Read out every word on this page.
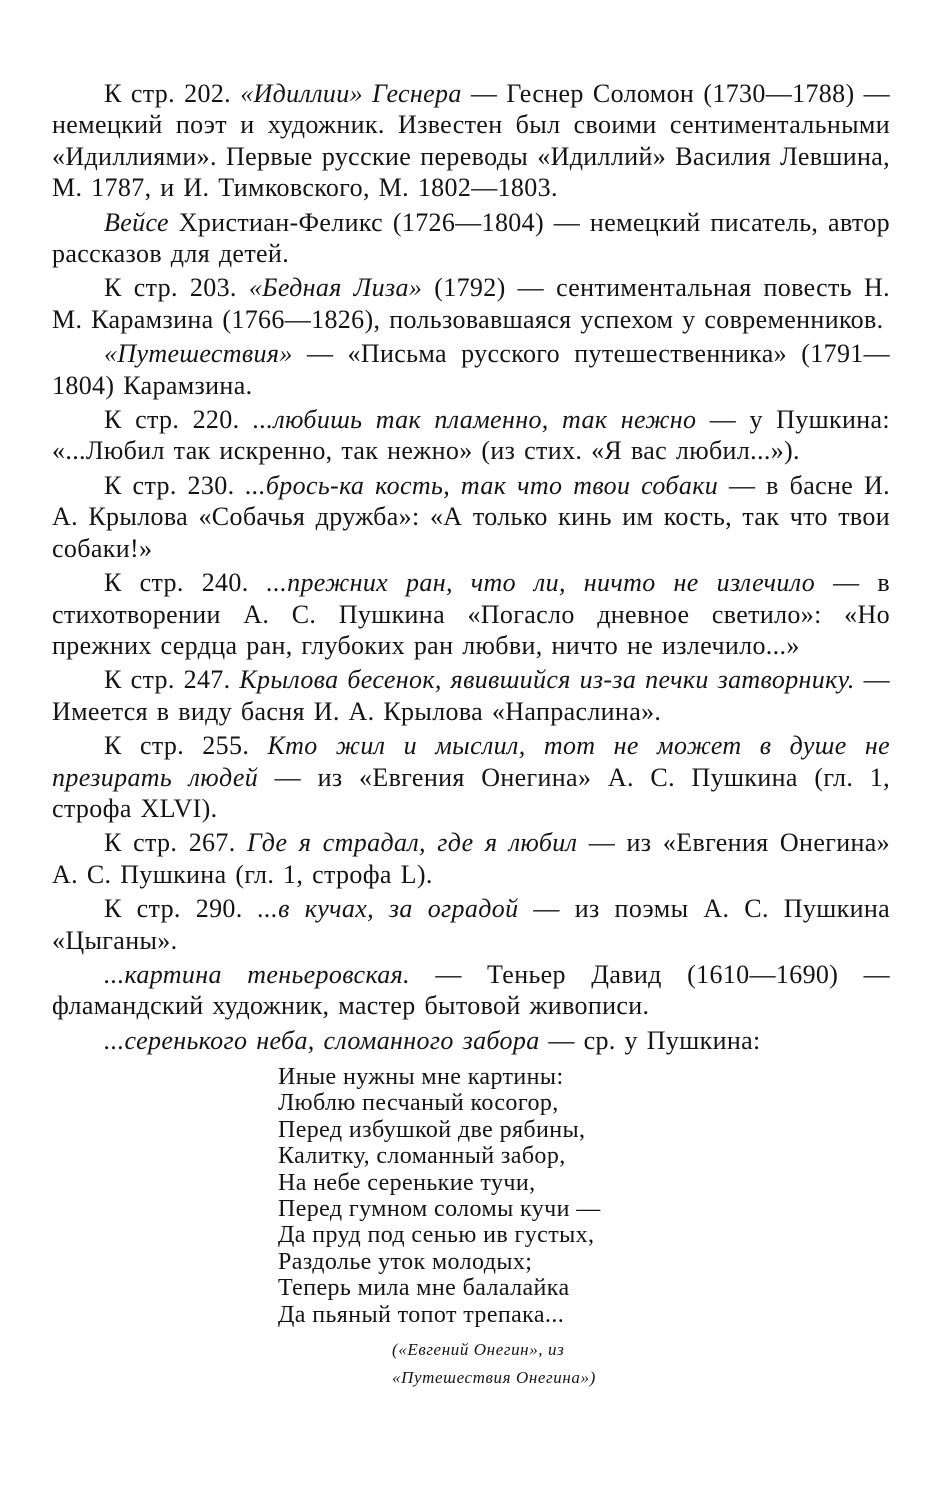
К стр. 202. «Идиллии» Геснера — Геснер Соломон (1730—1788) — немецкий поэт и художник. Известен был своими сентиментальными «Идиллиями». Первые русские переводы «Идиллий» Василия Левшина, М. 1787, и И. Тимковского, М. 1802—1803.

Вейсе Христиан-Феликс (1726—1804) — немецкий писатель, автор рассказов для детей.

К стр. 203. «Бедная Лиза» (1792) — сентиментальная повесть Н. М. Карамзина (1766—1826), пользовавшаяся успехом у современников.

«Путешествия» — «Письма русского путешественника» (1791—1804) Карамзина.

К стр. 220. ...любишь так пламенно, так нежно — у Пушкина: «...Любил так искренно, так нежно» (из стих. «Я вас любил...»).

К стр. 230. ...брось-ка кость, так что твои собаки — в басне И. А. Крылова «Собачья дружба»: «А только кинь им кость, так что твои собаки!»

К стр. 240. ...прежних ран, что ли, ничто не излечило — в стихотворении А. С. Пушкина «Погасло дневное светило»: «Но прежних сердца ран, глубоких ран любви, ничто не излечило...»

К стр. 247. Крылова бесенок, явившийся из-за печки затворнику. — Имеется в виду басня И. А. Крылова «Напраслина».

К стр. 255. Кто жил и мыслил, тот не может в душе не презирать людей — из «Евгения Онегина» А. С. Пушкина (гл. 1, строфа XLVI).

К стр. 267. Где я страдал, где я любил — из «Евгения Онегина» А. С. Пушкина (гл. 1, строфа L).

К стр. 290. ...в кучах, за оградой — из поэмы А. С. Пушкина «Цыганы».

...картина теньеровская. — Теньер Давид (1610—1690) — фламандский художник, мастер бытовой живописи.

...серенького неба, сломанного забора — ср. у Пушкина:

Иные нужны мне картины:
Люблю песчаный косогор,
Перед избушкой две рябины,
Калитку, сломанный забор,
На небе серенькие тучи,
Перед гумном соломы кучи —
Да пруд под сенью ив густых,
Раздолье уток молодых;
Теперь мила мне балалайка
Да пьяный топот трепака...
(«Евгений Онегин», из
«Путешествия Онегина»)
